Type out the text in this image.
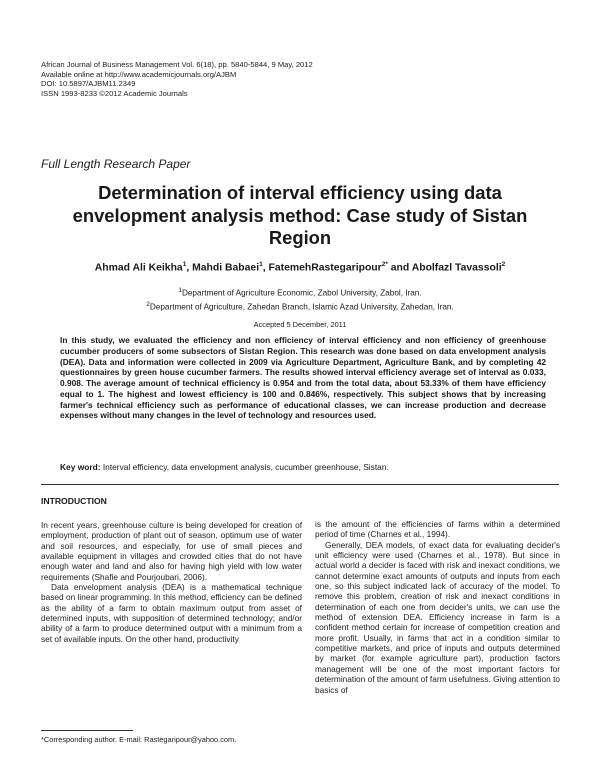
African Journal of Business Management Vol. 6(18), pp. 5840-5844, 9 May, 2012
Available online at http://www.academicjournals.org/AJBM
DOI: 10.5897/AJBM11.2349
ISSN 1993-8233 ©2012 Academic Journals
Full Length Research Paper
Determination of interval efficiency using data envelopment analysis method: Case study of Sistan Region
Ahmad Ali Keikha$^1$, Mahdi Babaei$^1$, FatemehRastegaripour$^{2*}$ and Abolfazl Tavassoli$^2$
$^1$Department of Agriculture Economic, Zabol University, Zabol, Iran.
$^2$Department of Agriculture, Zahedan Branch, Islamic Azad University, Zahedan, Iran.
Accepted 5 December, 2011
In this study, we evaluated the efficiency and non efficiency of interval efficiency and non efficiency of greenhouse cucumber producers of some subsectors of Sistan Region. This research was done based on data envelopment analysis (DEA). Data and information were collected in 2009 via Agriculture Department, Agriculture Bank, and by completing 42 questionnaires by green house cucumber farmers. The results showed interval efficiency average set of interval as 0.033, 0.908. The average amount of technical efficiency is 0.954 and from the total data, about 53.33% of them have efficiency equal to 1. The highest and lowest efficiency is 100 and 0.846%, respectively. This subject shows that by increasing farmer's technical efficiency such as performance of educational classes, we can increase production and decrease expenses without many changes in the level of technology and resources used.
Key word: Interval efficiency, data envelopment analysis, cucumber greenhouse, Sistan.
INTRODUCTION

In recent years, greenhouse culture is being developed for creation of employment, production of plant out of season, optimum use of water and soil resources, and especially, for use of small pieces and available equipment in villages and crowded cities that do not have enough water and land and also for having high yield with low water requirements (Shafie and Pourjoubari, 2006).

Data envelopment analysis (DEA) is a mathematical technique based on linear programming. In this method, efficiency can be defined as the ability of a farm to obtain maximum output from asset of determined inputs, with supposition of determined technology; and/or ability of a farm to produce determined output with a minimum from a set of available inputs. On the other hand, productivity

is the amount of the efficiencies of farms within a determined period of time (Charnes et al., 1994).

Generally, DEA models, of exact data for evaluating decider's unit efficiency were used (Charnes et al., 1978). But since in actual world a decider is faced with risk and inexact conditions, we cannot determine exact amounts of outputs and inputs from each one, so this subject indicated lack of accuracy of the model. To remove this problem, creation of risk and inexact conditions in determination of each one from decider's units, we can use the method of extension DEA. Efficiency increase in farm is a confident method certain for increase of competition creation and more profit. Usually, in farms that act in a condition similar to competitive markets, and price of inputs and outputs determined by market (for example agriculture part), production factors management will be one of the most important factors for determination of the amount of farm usefulness. Giving attention to basics of

*Corresponding author. E-mail: Rastegaripour@yahoo.com.
